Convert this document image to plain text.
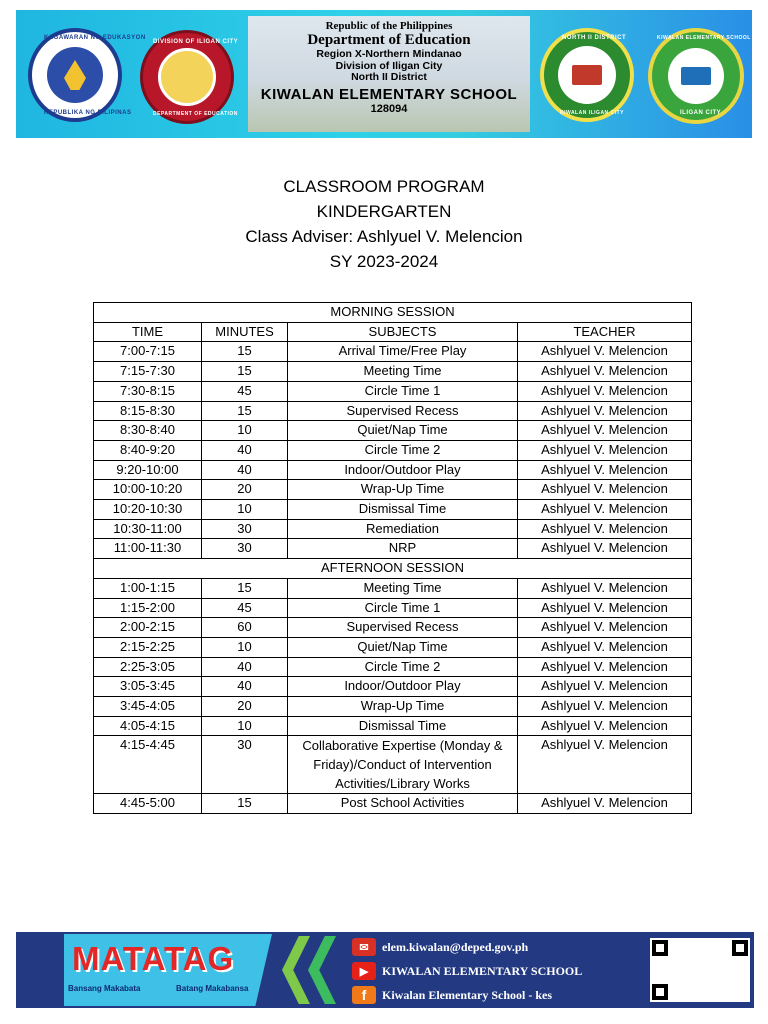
KAGAWARAN NG EDUKASYON
REPUBLIKA NG PILIPINAS
DIVISION OF ILIGAN CITY
DEPARTMENT OF EDUCATION
Republic of the Philippines
Department of Education
Region X-Northern Mindanao
Division of Iligan City
North II District
KIWALAN ELEMENTARY SCHOOL
128094
NORTH II DISTRICT
KIWALAN ILIGAN CITY
KIWALAN ELEMENTARY SCHOOL
ILIGAN CITY
CLASSROOM PROGRAM
KINDERGARTEN
Class Adviser: Ashlyuel V. Melencion
SY 2023-2024
MORNING SESSION			
TIME	MINUTES	SUBJECTS	TEACHER
7:00-7:15	15	Arrival Time/Free Play	Ashlyuel V. Melencion
7:15-7:30	15	Meeting Time	Ashlyuel V. Melencion
7:30-8:15	45	Circle Time 1	Ashlyuel V. Melencion
8:15-8:30	15	Supervised Recess	Ashlyuel V. Melencion
8:30-8:40	10	Quiet/Nap Time	Ashlyuel V. Melencion
8:40-9:20	40	Circle Time 2	Ashlyuel V. Melencion
9:20-10:00	40	Indoor/Outdoor Play	Ashlyuel V. Melencion
10:00-10:20	20	Wrap-Up Time	Ashlyuel V. Melencion
10:20-10:30	10	Dismissal Time	Ashlyuel V. Melencion
10:30-11:00	30	Remediation	Ashlyuel V. Melencion
11:00-11:30	30	NRP	Ashlyuel V. Melencion
AFTERNOON SESSION			
1:00-1:15	15	Meeting Time	Ashlyuel V. Melencion
1:15-2:00	45	Circle Time 1	Ashlyuel V. Melencion
2:00-2:15	60	Supervised Recess	Ashlyuel V. Melencion
2:15-2:25	10	Quiet/Nap Time	Ashlyuel V. Melencion
2:25-3:05	40	Circle Time 2	Ashlyuel V. Melencion
3:05-3:45	40	Indoor/Outdoor Play	Ashlyuel V. Melencion
3:45-4:05	20	Wrap-Up Time	Ashlyuel V. Melencion
4:05-4:15	10	Dismissal Time	Ashlyuel V. Melencion
4:15-4:45	30	Collaborative Expertise (Monday & Friday)/Conduct of Intervention Activities/Library Works	Ashlyuel V. Melencion
4:45-5:00	15	Post School Activities	Ashlyuel V. Melencion
MATATAG
Bansang Makabata	Batang Makabansa
✉	elem.kiwalan@deped.gov.ph
▶	KIWALAN ELEMENTARY SCHOOL
f	Kiwalan Elementary School - kes
